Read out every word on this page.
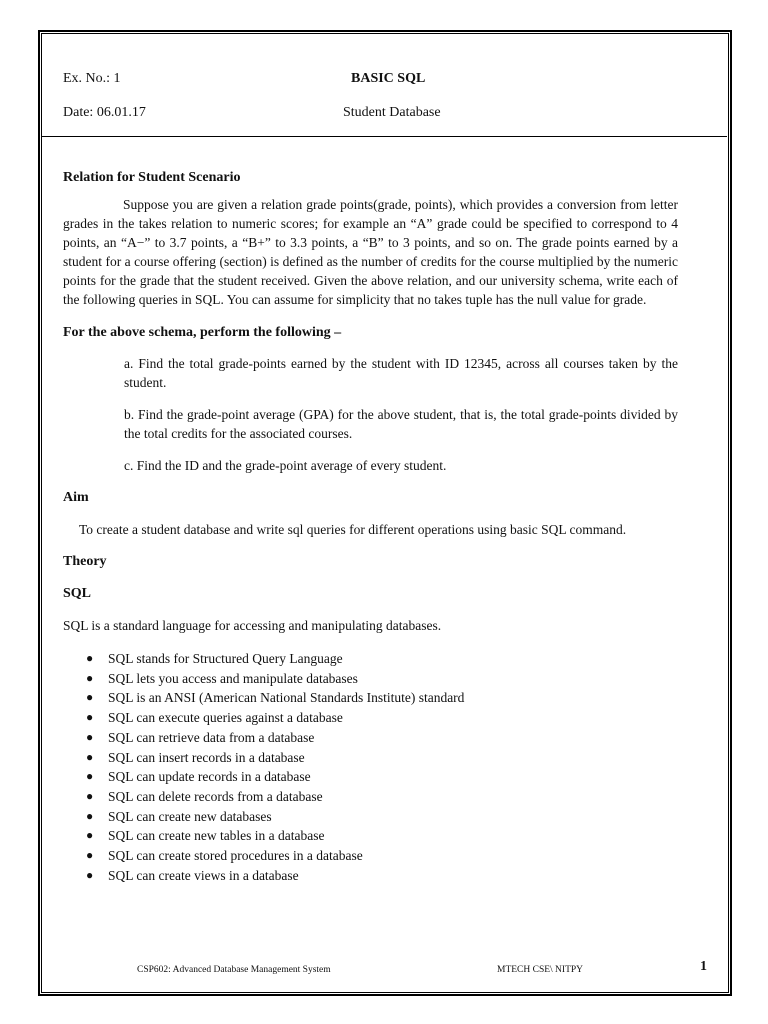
Ex. No.: 1	BASIC SQL
Date: 06.01.17	Student Database

Relation for Student Scenario

Suppose you are given a relation grade points(grade, points), which provides a conversion from letter grades in the takes relation to numeric scores; for example an “A” grade could be specified to correspond to 4 points, an “A−” to 3.7 points, a “B+” to 3.3 points, a “B” to 3 points, and so on. The grade points earned by a student for a course offering (section) is defined as the number of credits for the course multiplied by the numeric points for the grade that the student received. Given the above relation, and our university schema, write each of the following queries in SQL. You can assume for simplicity that no takes tuple has the null value for grade.

For the above schema, perform the following –

a. Find the total grade-points earned by the student with ID 12345, across all courses taken by the student.

b. Find the grade-point average (GPA) for the above student, that is, the total grade-points divided by the total credits for the associated courses.

c. Find the ID and the grade-point average of every student.

Aim

To create a student database and write sql queries for different operations using basic SQL command.

Theory

SQL

SQL is a standard language for accessing and manipulating databases.

● SQL stands for Structured Query Language
● SQL lets you access and manipulate databases
● SQL is an ANSI (American National Standards Institute) standard
● SQL can execute queries against a database
● SQL can retrieve data from a database
● SQL can insert records in a database
● SQL can update records in a database
● SQL can delete records from a database
● SQL can create new databases
● SQL can create new tables in a database
● SQL can create stored procedures in a database
● SQL can create views in a database
CSP602: Advanced Database Management System	MTECH CSE\ NITPY	1
